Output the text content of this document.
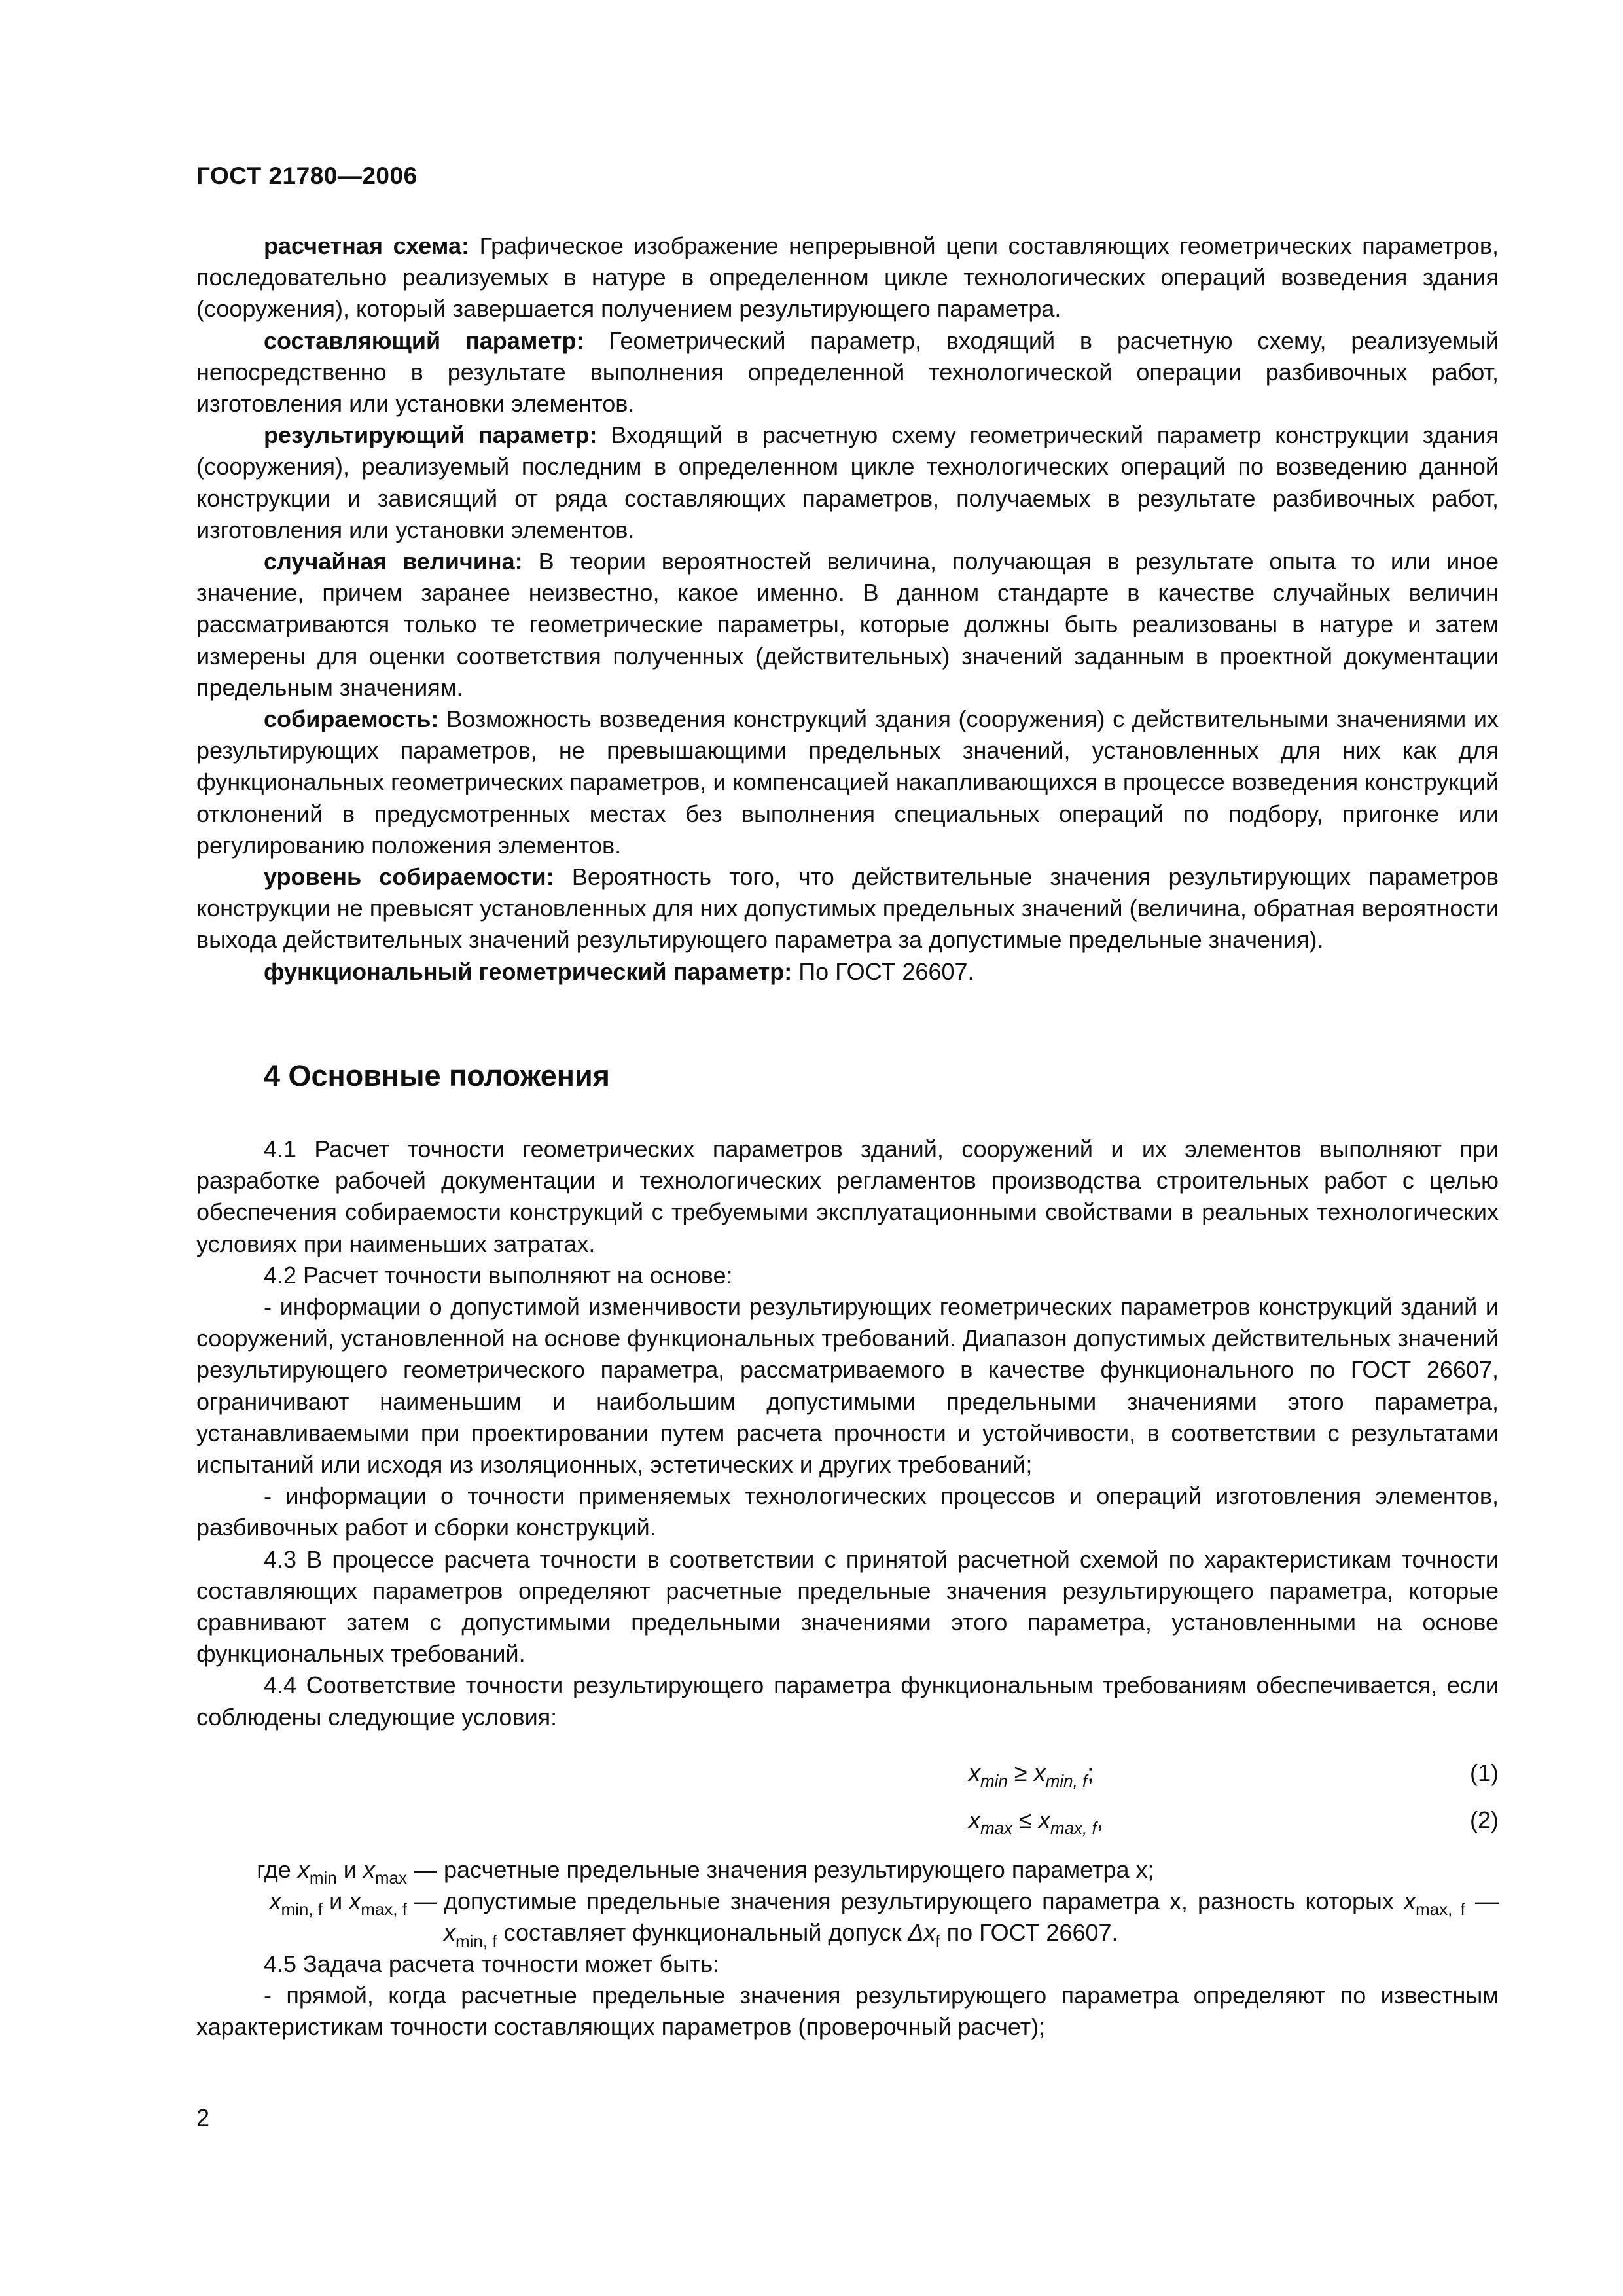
ГОСТ 21780—2006

расчетная схема: Графическое изображение непрерывной цепи составляющих геометрических параметров, последовательно реализуемых в натуре в определенном цикле технологических операций возведения здания (сооружения), который завершается получением результирующего параметра.

составляющий параметр: Геометрический параметр, входящий в расчетную схему, реализуемый непосредственно в результате выполнения определенной технологической операции разбивочных работ, изготовления или установки элементов.

результирующий параметр: Входящий в расчетную схему геометрический параметр конструкции здания (сооружения), реализуемый последним в определенном цикле технологических операций по возведению данной конструкции и зависящий от ряда составляющих параметров, получаемых в результате разбивочных работ, изготовления или установки элементов.

случайная величина: В теории вероятностей величина, получающая в результате опыта то или иное значение, причем заранее неизвестно, какое именно. В данном стандарте в качестве случайных величин рассматриваются только те геометрические параметры, которые должны быть реализованы в натуре и затем измерены для оценки соответствия полученных (действительных) значений заданным в проектной документации предельным значениям.

собираемость: Возможность возведения конструкций здания (сооружения) с действительными значениями их результирующих параметров, не превышающими предельных значений, установленных для них как для функциональных геометрических параметров, и компенсацией накапливающихся в процессе возведения конструкций отклонений в предусмотренных местах без выполнения специальных операций по подбору, пригонке или регулированию положения элементов.

уровень собираемости: Вероятность того, что действительные значения результирующих параметров конструкции не превысят установленных для них допустимых предельных значений (величина, обратная вероятности выхода действительных значений результирующего параметра за допустимые предельные значения).

функциональный геометрический параметр: По ГОСТ 26607.

4 Основные положения

4.1 Расчет точности геометрических параметров зданий, сооружений и их элементов выполняют при разработке рабочей документации и технологических регламентов производства строительных работ с целью обеспечения собираемости конструкций с требуемыми эксплуатационными свойствами в реальных технологических условиях при наименьших затратах.

4.2 Расчет точности выполняют на основе:

- информации о допустимой изменчивости результирующих геометрических параметров конструкций зданий и сооружений, установленной на основе функциональных требований. Диапазон допустимых действительных значений результирующего геометрического параметра, рассматриваемого в качестве функционального по ГОСТ 26607, ограничивают наименьшим и наибольшим допустимыми предельными значениями этого параметра, устанавливаемыми при проектировании путем расчета прочности и устойчивости, в соответствии с результатами испытаний или исходя из изоляционных, эстетических и других требований;

- информации о точности применяемых технологических процессов и операций изготовления элементов, разбивочных работ и сборки конструкций.

4.3 В процессе расчета точности в соответствии с принятой расчетной схемой по характеристикам точности составляющих параметров определяют расчетные предельные значения результирующего параметра, которые сравнивают затем с допустимыми предельными значениями этого параметра, установленными на основе функциональных требований.

4.4 Соответствие точности результирующего параметра функциональным требованиям обеспечивается, если соблюдены следующие условия:

$x_{min} \ge x_{min, f}$;	(1)
$x_{max} \le x_{max, f}$,	(2)
где $x_{min}$ и $x_{max}$ — расчетные предельные значения результирующего параметра x;
$x_{min, f}$ и $x_{max, f}$ — допустимые предельные значения результирующего параметра x, разность которых $x_{max, f}$ — $x_{min, f}$ составляет функциональный допуск $\Delta x_f$ по ГОСТ 26607.

4.5 Задача расчета точности может быть:

- прямой, когда расчетные предельные значения результирующего параметра определяют по известным характеристикам точности составляющих параметров (проверочный расчет);

2
